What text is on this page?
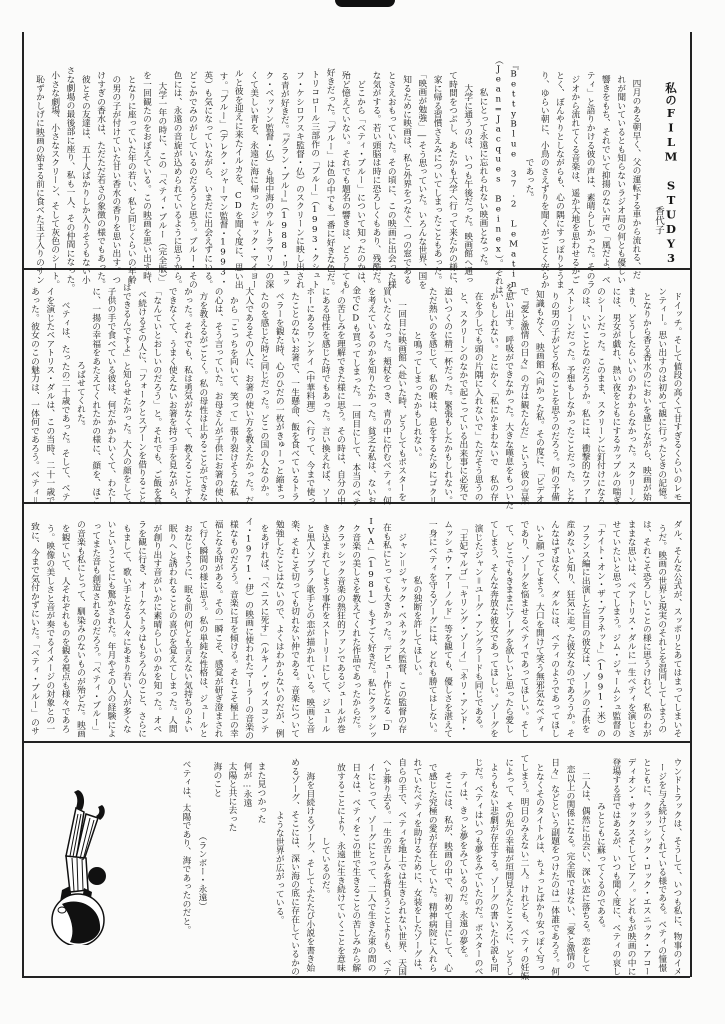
私のFILM STUDY3
香代子
四月のある朝早く、父の運転する車から流れる、だ
れが聞いているとも知らないラジオ局の何とも優しい
響きをもち、それでいて抑揚のない声で「風だよ、ベ
ティ」と語りかける彼の声は、素晴らしかった。そのラ
ジオから流れてくる音楽は、遥か大地を思わせるかご
とく、ぼんやりとしながらも、心の隅にすっぽりとうま
り、ゆらい朝に、小鳥のさえずりを聞くがごとく安らか
であった。
『BettyBlue 37.2 LeMatin』
（Jean=Jacques Beinex）。それは、
私にとって永遠に忘れられない映画となった。
　大学に通うのは、いつも午後だった。映画館へ通っ
て時間をつぶし、あたかも大学へ行って来たかの様に、
家に帰る習慣さえみについてしまったこともあった。
「映画が勉強」―そう思っていた。いろんな世界、国を
知るために映画は、私と外界をつなぐ一つの窓である
とさえおもっていた。その頃に、この映画に出会った様
な気がする。若い頭脳は時に恐ろしくもあり、残酷だ。
　どこから「ベティ・ブルー」について知ったのかは、
殆ど憶えていない。それでも題名の響きは、どうしても
好きだった。「ブルー」は色の中でも一番に好きな色だ。
トリコロール三部作の「ブルー」（1993・クシュト
フ・ケシロフスキ監督・仏）のスクリーンに映し出され
る青が好きだ。『グラン・ブルー』（1988・リュッ
ク・ベッソン監督・仏）も地中海のウルトラマリンの深
くて美しい青を、永遠に海に帰ったジャック・マイヨー
ルと彼を迎えに来たイルカを、CDを聞く度に、思い出
す。「ブルー」（デレク・ジャーマン監督・1993・
英）も気になっていながら、いまだに出会えずにいる。
どこかでみのがしているのだろうと思う。ブルー・その
色には、永遠の音旋が込められているように思うから。
　大学一年の時に、この「ベティ・ブルー（完全版）」
を一回観たのをおぼえている。この映画を思い出す時、
となりに座っていた年の若い、私と同じくらいの年齢
の男の子が付けていた甘い香水の香りを思い出す。つ
けすぎの香水は、ただただ若さの象徴の様でもあった。
彼とその友達は、五十人ばかりしか入りそうもない小
さな劇場の最後部に座り、私も一人、その仲間になった。
小さな劇場、小さなスクリーン、そして灰色のシート。
恥ずかしげに映画の始まる前に食べた玉子入りのサン
ドイッチ。そして値段の高くて甘すぎるくらいのレモ
ンティー。思い出すのは初めて観に行ったときの記憶。
となりから香る香水のにおいを感じながら、映画が始
まり、どうしたらいいのかわからなかった。スクリーン
には、男女が戯れ、熱い夜をともにするカップルの喘ぎ
のシーンだった。このまま、スクリーンに釘付けになる
のは、いいことなのだろうか。私には、衝撃的なファー
ストシーンだった。予想もしなかったことだった。とな
りの男の子がどう私のことを思うのだろう。何の予備
知識もなく、映画館へ向かった私。その度に、「ビデオ
で『愛と激情の日々』の方は観たんだ」という彼の言葉
を思い出す。呼吸ができなかった。大きな嘆息をもついた
かもしれない。とにかく「私にかまわないで　私の存
在を少しでも頭の片隅に入れないで」ただそう思うの
と、スクリーンのなかで起こっている出来事に必死で
追いつくのに精一杯だった。緊張もしたかもしれない。
ただ熱いのを感じて、私の喉は、息をするためにゴクリ
と鳴ってしまったかもしれない。
　一回目に映画館へ赴いた時、どうしてもポスターを
買いたくなった。頬杖をつき、青の中に佇むベティ。何
を考えているのかを知りたかった。貧乏な私は、ないお
金でCDも買ってしまった。一回目にして、本当のベテ
ィの苦しみを理解できた様に思う。その時は、自分の中
にある母性を感じた時でもあった。言い換えれば、ソー
ホーにあるワンケイ（中華料理）へ行って、今まで使っ
たことのないお箸で、一生懸命、飯を食べているトラ
ベラーを観た時、心のひだの一枚がきゅーっと縮まっ
たのを感じた時と同じだった。どこの国の人なのか。
大人であるその人に、お箸の使い方を教えたかった。だ
から「こっちを向いて、笑って」張り裂けそうな私
の心は、そう言っていた。お母さんが子供にお箸の使い
方を教えるがごとく。私の母性は止めることができな
かった。それでも、私は勇気がなくて、教えることすら
できなくて、うまく使えないお箸を持つ手を見ながら、
「なんていとおしいのだろう」と。それでも、ご飯を食
べ続けるその人に、「フォークとスプーンを借りること
はできるんですよ」と知らせたかった。大人の顔をして、
子供の手で食べている彼は、何だかかわいくて、わたし
に、一揚の幸福をあたえてくれたかの様に、顔を、ほこ
ろばせてくれた。
　ベティは、たったの二十歳であった。そして、ベテ
イを演じたベアトリス・ダルは、この当時、二十一歳で
あった。彼女のこの魅力は、一体何であろう。ベティ＝
ダル、そんな公式が、スッポリとあてはまってしまいそ
うだ。映画の世界と現実のそれとを混同してしまうの
は、それこそ恐ろしいことの様に思うけれど、私のわが
ままな思いは、ベアトリス・ダルに一生ベティを演じさ
せていたいと思ってしまう。ジム・ジャームシュ監督の
「ナイト・オン・ザ・プラネット」（1991・米）の
フランス編に出演した盲目の彼女は、ゾーグの子供を
産めないと知り、狂気に走った彼女なのであろうか。そ
んなはずはなく、ダルには、ベティのようであってほし
いと願ってしまう。大口を開けて笑う無邪気なベティ
であり、ゾーグを悩ませるベティであってほしい。そし
て、どこでもきままにゾーグを欲しいと思ったら愛し
てしまう、そんな奔放な彼女であってほしい。ゾーグを
演じたジャン＝ユーグ・アングラードも同じである。
「王妃マルゴ」「キリング・ゾーイ」「ネリ・アンド・
ムッシュウ・アーノルド」等を観ても、優しさを湛えて
一身にベティを守るゾーグには、どれも勝てはしない。
私の独断を許してほしい。
　ジャン＝ジャック・ベネックス監督、この監督の存
在も私にとっても大きかった。デビュー作となる「D
IVA」（1981）もすごく好きだ。私にクラッシッ
ク音楽の美しさを教えてくれた作品であったからだ。
クラッシック音楽の熱狂的ファンであるジュールが巻
き込まれてしまう事件をストーリーにして、ジュール
と黒人ソプラノ歌手との恋が描かれている。映画と音
楽、それこそ切っても切れない仲である。音楽について
勉強したことはないので、よくはわからないのだが、例
をあげれば、「ベニスに死す」（ルキノ・ヴィスコンテ
イ・1971・伊）の映画に使われたマーラーの音楽の
様なものだろう。音楽に耳を傾ける。それこそ極上の幸
福となる時がある。その一瞬こそ、感覚が研ぎ澄まされ
て行く瞬間の様に思う。私の単純な性格は、ジュールと
おなじように、眠る前の何とも言えない気持ちのよい
眠りへと誘われることの喜びを覚えてしまった。人間
が創り出す音がいかに素晴らしいのかを知った。オペ
ラを観に行き、オーケストラはもちろんのこと、さらに
もまして、歌い手となる人々にあまり若い人が多くな
いということにも驚かされた。年月やその人の経験によ
ってまた音も創造されるのだろう。「ベティ・ブルー」
の音楽も私にとって、馴染みのないものが殆どだ。映画
を観ていて、人それぞれものを観る視点も様々であろ
う。映像の美しさと音が奏でるイメージの対象との一
致に、今まで気付かずにいた。「ベティ・ブルー」のサ
ウンドトラックは、そうして、いつも私に、物事のイメ
ージを与え続けてくれている様である。ベティの憧憬
とともに、クラッシック・ロック・エスニック・アコー
ディオン・サックスそしてピアノ。どれもが映画の中に
登場する音ではあるが、いつも聞く度に、ベティの哀し
みとともに蘇ってくるのである。
　二人は、偶然に出会い、深い恋に落ちる。恋をして
恋以上の関係になる。完全版ではない、「愛と激情の
日々」などという副題をつけたのは一体誰であろう。何
となくそのタイトルは、ちょっとばかり安っぽく写っ
てしまう。明日のみえない二人。けれども、ベティの妊娠
によって、その先の幸福が垣間見えたところに、どうし
ようもない悲劇が存在する。ゾーグの書いた小説も同
じだ。ベティはいつも夢をみていたのだ。ポスターのベ
ティは、きっと夢をみているのだ。永遠の夢を。
　そこには、私が、映画の中で、初めて目にして、心
で感じた究極の愛が存在していた。精神病院に入れら
れていたベティを助けるために、女装をしたゾーグは、
自らの手で、ベティを地上では生きられない世界、天国
へと葬り去る。一生の苦しみを背負うことよりも、ベテ
イにとって、ゾーグにとって、二人で生きた束の間の
日々は、ベティをこの世で生きることの苦しみから解
放することにより、永遠に生き続けていくことを意味
しているのだ。
　海を目続けるゾーグ、そしてふたたび小説を書き始
めるゾーグ、そこには、深い海の底に存在しているかの
ような世界が広がっている。
また見つかった
何が…永遠
太陽と共に去った
海のこと
（ランボー・永遠）
ベティは、太陽であり、海であったのだと。
